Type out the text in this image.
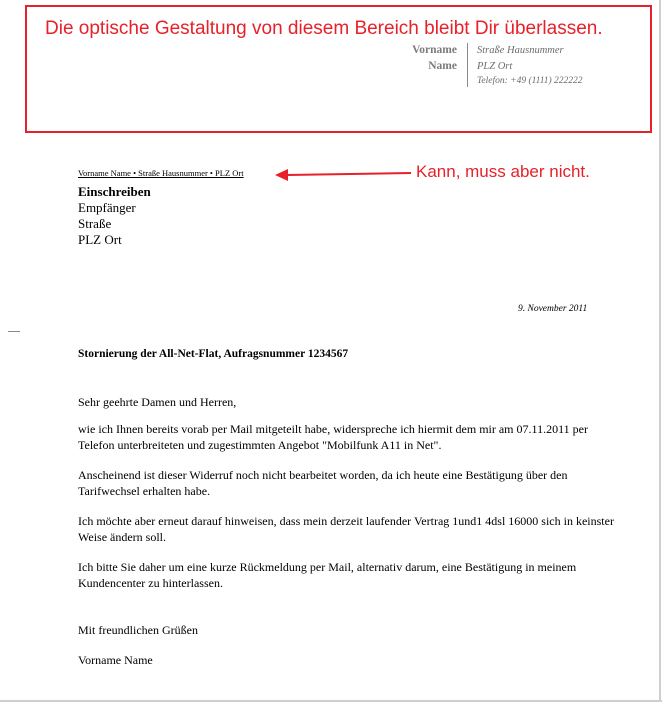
Die optische Gestaltung von diesem Bereich bleibt Dir überlassen.
Vorname
Name
Straße Hausnummer
PLZ Ort
Telefon: +49 (1111) 222222
Vorname Name • Straße Hausnummer • PLZ Ort	Kann, muss aber nicht.
Einschreiben
Empfänger
Straße
PLZ Ort
9. November 2011
Stornierung der All-Net-Flat, Aufragsnummer 1234567

Sehr geehrte Damen und Herren,

wie ich Ihnen bereits vorab per Mail mitgeteilt habe, widerspreche ich hiermit dem mir am 07.11.2011 per Telefon unterbreiteten und zugestimmten Angebot "Mobilfunk A11 in Net".

Anscheinend ist dieser Widerruf noch nicht bearbeitet worden, da ich heute eine Bestätigung über den Tarifwechsel erhalten habe.

Ich möchte aber erneut darauf hinweisen, dass mein derzeit laufender Vertrag 1und1 4dsl 16000 sich in keinster Weise ändern soll.

Ich bitte Sie daher um eine kurze Rückmeldung per Mail, alternativ darum, eine Bestätigung in meinem Kundencenter zu hinterlassen.

Mit freundlichen Grüßen

Vorname Name
